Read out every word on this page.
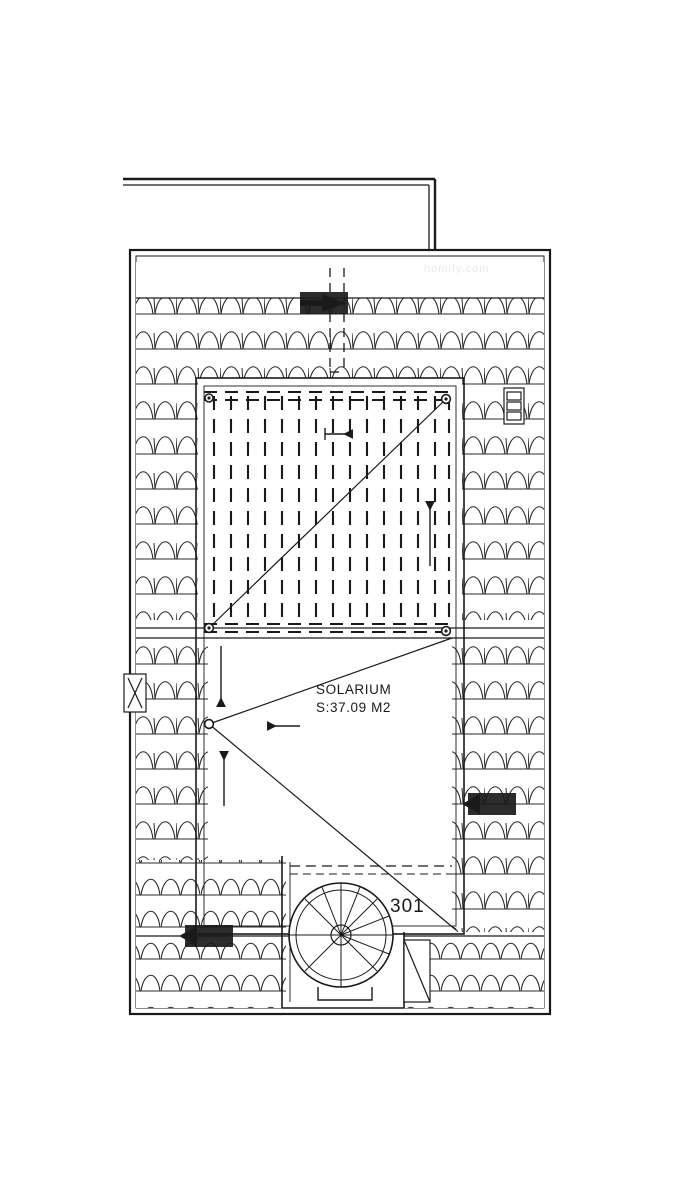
SOLARIUM
S:37.09 M2
301
homify.com
